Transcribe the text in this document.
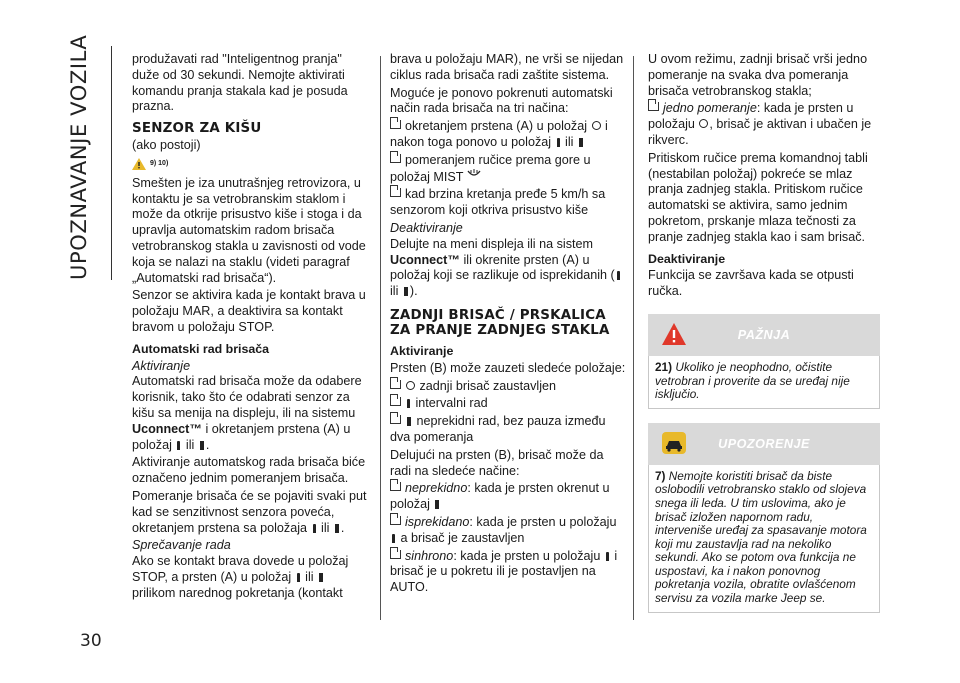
UPOZNAVANJE VOZILA
30

produžavati rad "Inteligentnog pranja" duže od 30 sekundi. Nemojte aktivirati komandu pranja stakala kad je posuda prazna.

SENZOR ZA KIŠU

(ako postoji)

$^{9) 10)}$

Smešten je iza unutrašnjeg retrovizora, u kontaktu je sa vetrobranskim staklom i može da otkrije prisustvo kiše i stoga i da upravlja automatskim radom brisača vetrobranskog stakla u zavisnosti od vode koja se nalazi na staklu (videti paragraf „Automatski rad brisača“).

Senzor se aktivira kada je kontakt brava u položaju MAR, a deaktivira sa kontakt bravom u položaju STOP.

Automatski rad brisača
Aktiviranje

Automatski rad brisača može da odabere korisnik, tako što će odabrati senzor za kišu sa menija na displeju, ili na sistemu Uconnect™ i okretanjem prstena (A) u položaj  ili .

Aktiviranje automatskog rada brisača biće označeno jednim pomeranjem brisača.

Pomeranje brisača će se pojaviti svaki put kad se senzitivnost senzora poveća, okretanjem prstena sa položaja  ili .

Sprečavanje rada

Ako se kontakt brava dovede u položaj STOP, a prsten (A) u položaj  ili  prilikom narednog pokretanja (kontakt

brava u položaju MAR), ne vrši se nijedan ciklus rada brisača radi zaštite sistema.

Moguće je ponovo pokrenuti automatski način rada brisača na tri načina:

okretanjem prstena (A) u položaj  i nakon toga ponovo u položaj  ili

pomeranjem ručice prema gore u položaj MIST

kad brzina kretanja pređe 5 km/h sa senzorom koji otkriva prisustvo kiše

Deaktiviranje

Delujte na meni displeja ili na sistem Uconnect™ ili okrenite prsten (A) u položaj koji se razlikuje od isprekidanih ( ili ).

ZADNJI BRISAČ / PRSKALICA ZA PRANJE ZADNJEG STAKLA
Aktiviranje

Prsten (B) može zauzeti sledeće položaje:

zadnji brisač zaustavljen

intervalni rad

neprekidni rad, bez pauza između dva pomeranja

Delujući na prsten (B), brisač može da radi na sledeće načine:

neprekidno: kada je prsten okrenut u položaj

isprekidano: kada je prsten u položaju  a brisač je zaustavljen

sinhrono: kada je prsten u položaju  i brisač je u pokretu ili je postavljen na AUTO.

U ovom režimu, zadnji brisač vrši jedno pomeranje na svaka dva pomeranja brisača vetrobranskog stakla;

jedno pomeranje: kada je prsten u položaju , brisač je aktivan i ubačen je rikverc.

Pritiskom ručice prema komandnoj tabli (nestabilan položaj) pokreće se mlaz pranja zadnjeg stakla. Pritiskom ručice automatski se aktivira, samo jednim pokretom, prskanje mlaza tečnosti za pranje zadnjeg stakla kao i sam brisač.

Deaktiviranje

Funkcija se završava kada se otpusti ručka.

PAŽNJA
21) Ukoliko je neophodno, očistite vetrobran i proverite da se uređaj nije isključio.
UPOZORENJE
7) Nemojte koristiti brisač da biste oslobodili vetrobransko staklo od slojeva snega ili leda. U tim uslovima, ako je brisač izložen napornom radu, interveniše uređaj za spasavanje motora koji mu zaustavlja rad na nekoliko sekundi. Ako se potom ova funkcija ne uspostavi, ka i nakon ponovnog pokretanja vozila, obratite ovlašćenom servisu za vozila marke Jeep se.
